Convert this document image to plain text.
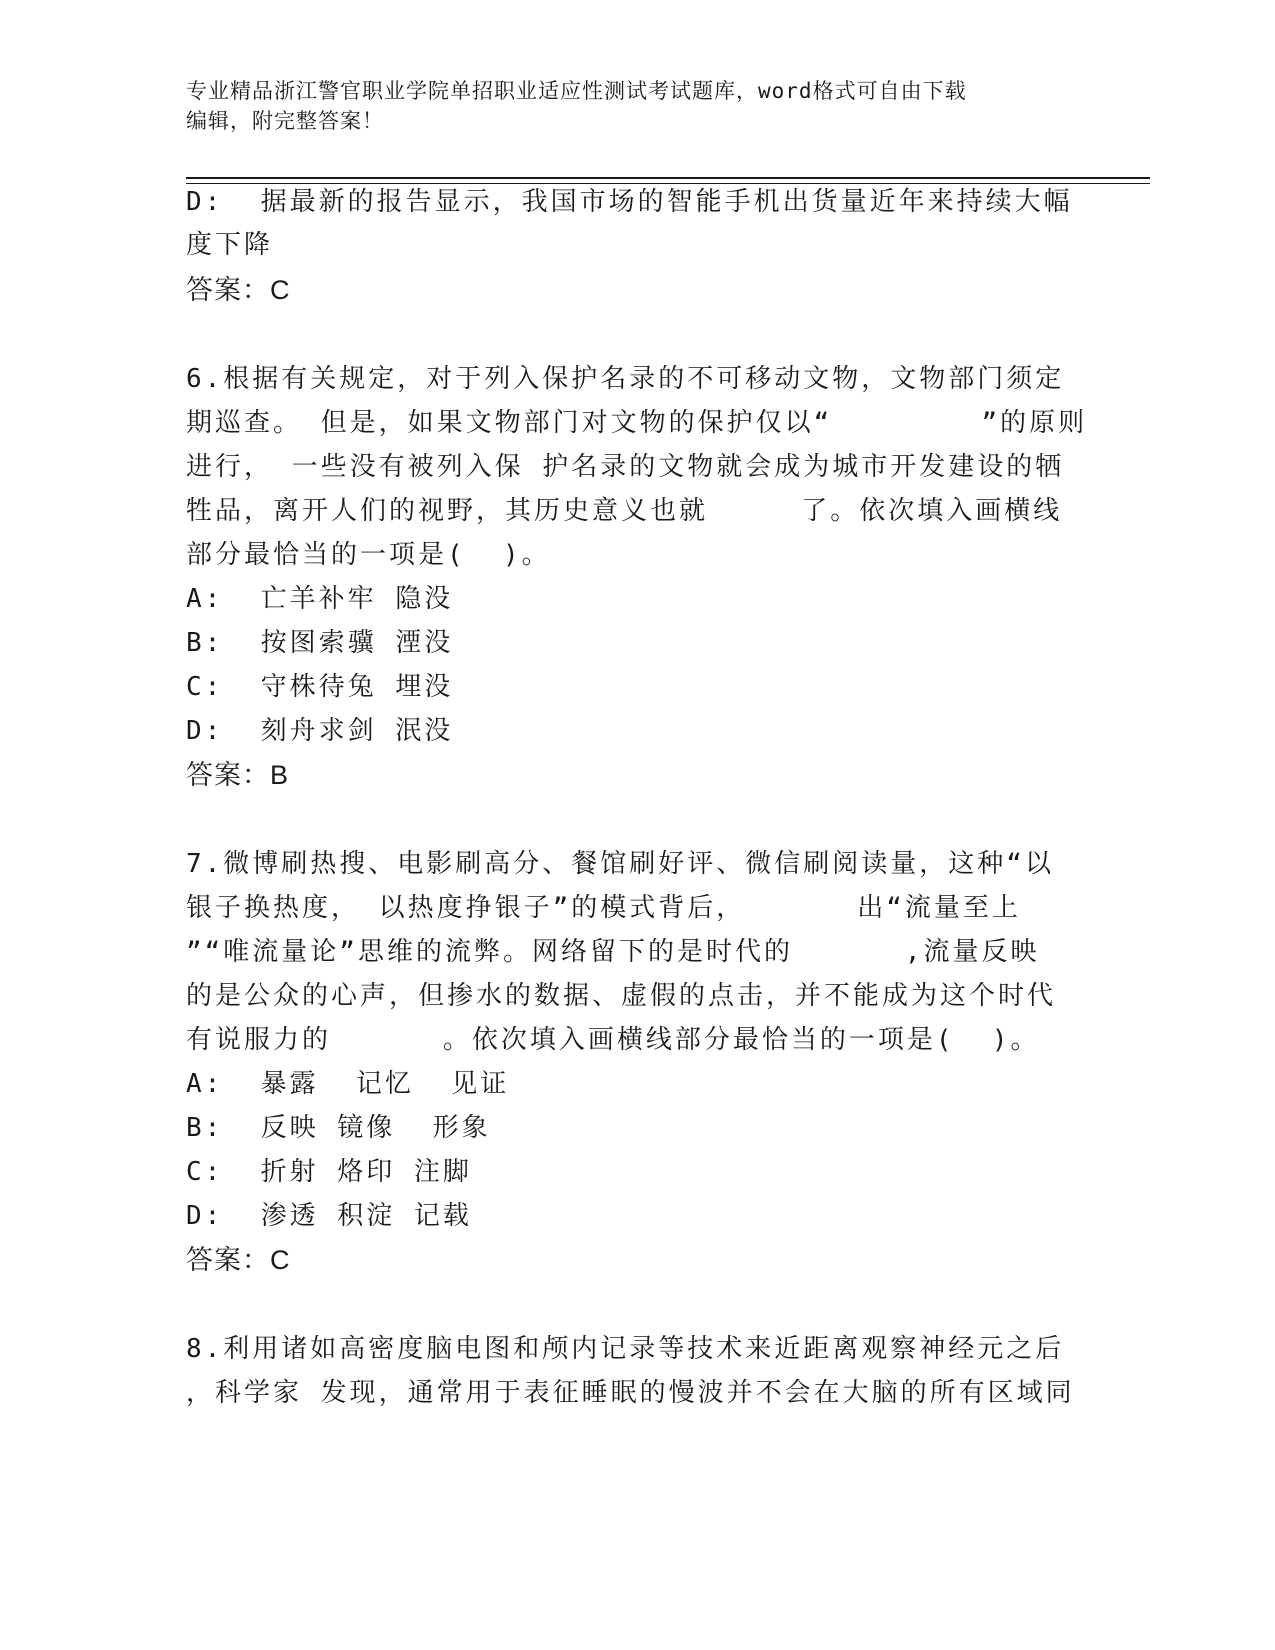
专业精品浙江警官职业学院单招职业适应性测试考试题库，word格式可自由下载
编辑，附完整答案！
D:  据最新的报告显示，我国市场的智能手机出货量近年来持续大幅
度下降
答案：C
6.根据有关规定，对于列入保护名录的不可移动文物，文物部门须定
期巡查。 但是，如果文物部门对文物的保护仅以“        ”的原则
进行， 一些没有被列入保 护名录的文物就会成为城市开发建设的牺
牲品，离开人们的视野，其历史意义也就     了。依次填入画横线
部分最恰当的一项是(  )。
A:  亡羊补牢 隐没
B:  按图索骥 湮没
C:  守株待兔 埋没
D:  刻舟求剑 泯没
答案：B
7.微博刷热搜、电影刷高分、餐馆刷好评、微信刷阅读量，这种“以
银子换热度， 以热度挣银子”的模式背后，      出“流量至上
”“唯流量论”思维的流弊。网络留下的是时代的      ,流量反映
的是公众的心声，但掺水的数据、虚假的点击，并不能成为这个时代
有说服力的      。依次填入画横线部分最恰当的一项是(  )。
A:  暴露  记忆  见证
B:  反映 镜像  形象
C:  折射 烙印 注脚
D:  渗透 积淀 记载
答案：C
8.利用诸如高密度脑电图和颅内记录等技术来近距离观察神经元之后
，科学家 发现，通常用于表征睡眠的慢波并不会在大脑的所有区域同
